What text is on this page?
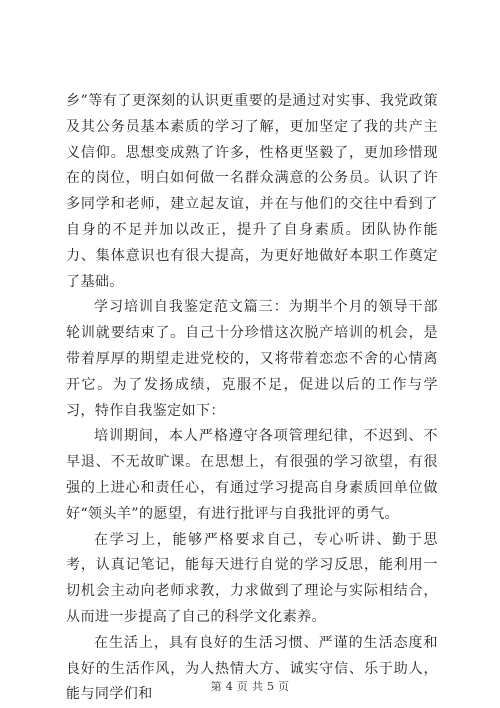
乡”等有了更深刻的认识更重要的是通过对实事、我党政策及其公务员基本素质的学习了解，更加坚定了我的共产主义信仰。思想变成熟了许多，性格更坚毅了，更加珍惜现在的岗位，明白如何做一名群众满意的公务员。认识了许多同学和老师，建立起友谊，并在与他们的交往中看到了自身的不足并加以改正，提升了自身素质。团队协作能力、集体意识也有很大提高，为更好地做好本职工作奠定了基础。

学习培训自我鉴定范文篇三：为期半个月的领导干部轮训就要结束了。自己十分珍惜这次脱产培训的机会，是带着厚厚的期望走进党校的，又将带着恋恋不舍的心情离开它。为了发扬成绩，克服不足，促进以后的工作与学习，特作自我鉴定如下：

培训期间，本人严格遵守各项管理纪律，不迟到、不早退、不无故旷课。在思想上，有很强的学习欲望，有很强的上进心和责任心，有通过学习提高自身素质回单位做好“领头羊”的愿望，有进行批评与自我批评的勇气。

在学习上，能够严格要求自己，专心听讲、勤于思考，认真记笔记，能每天进行自觉的学习反思，能利用一切机会主动向老师求教，力求做到了理论与实际相结合，从而进一步提高了自己的科学文化素养。

在生活上，具有良好的生活习惯、严谨的生活态度和良好的生活作风，为人热情大方、诚实守信、乐于助人，能与同学们和	第 4 页 共 5 页
